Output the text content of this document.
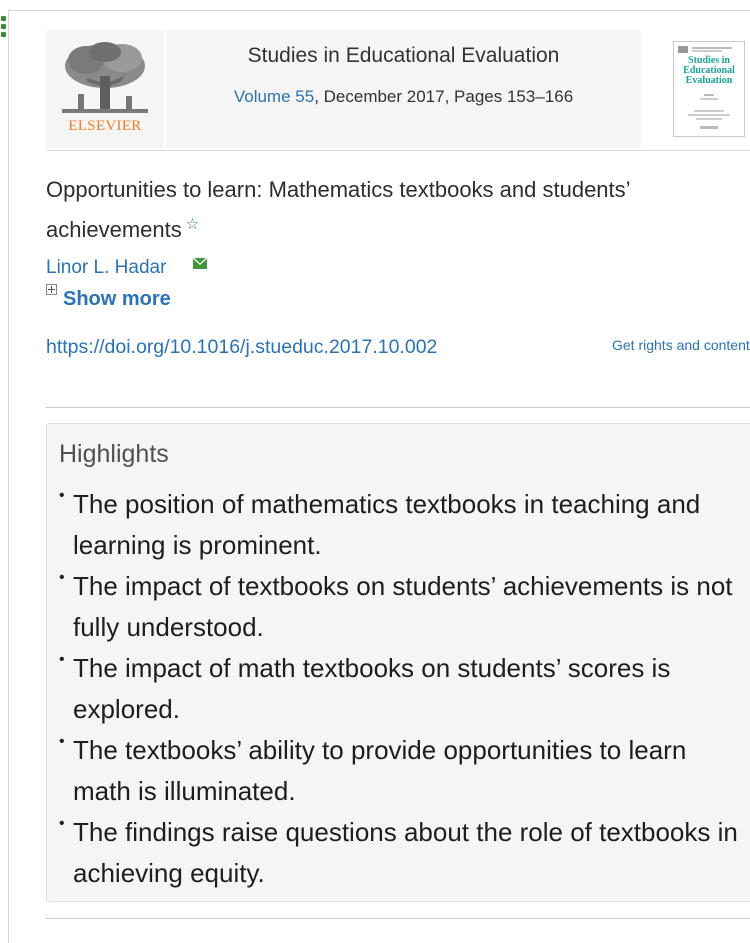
ELSEVIER
Studies in Educational Evaluation
Volume 55, December 2017, Pages 153–166
Studies in Educational Evaluation
Opportunities to learn: Mathematics textbooks and students’ achievements ☆
Linor L. Hadar
Show more
https://doi.org/10.1016/j.stueduc.2017.10.002	Get rights and content
Highlights
• The position of mathematics textbooks in teaching and learning is prominent.
• The impact of textbooks on students’ achievements is not fully understood.
• The impact of math textbooks on students’ scores is explored.
• The textbooks’ ability to provide opportunities to learn math is illuminated.
• The findings raise questions about the role of textbooks in achieving equity.
